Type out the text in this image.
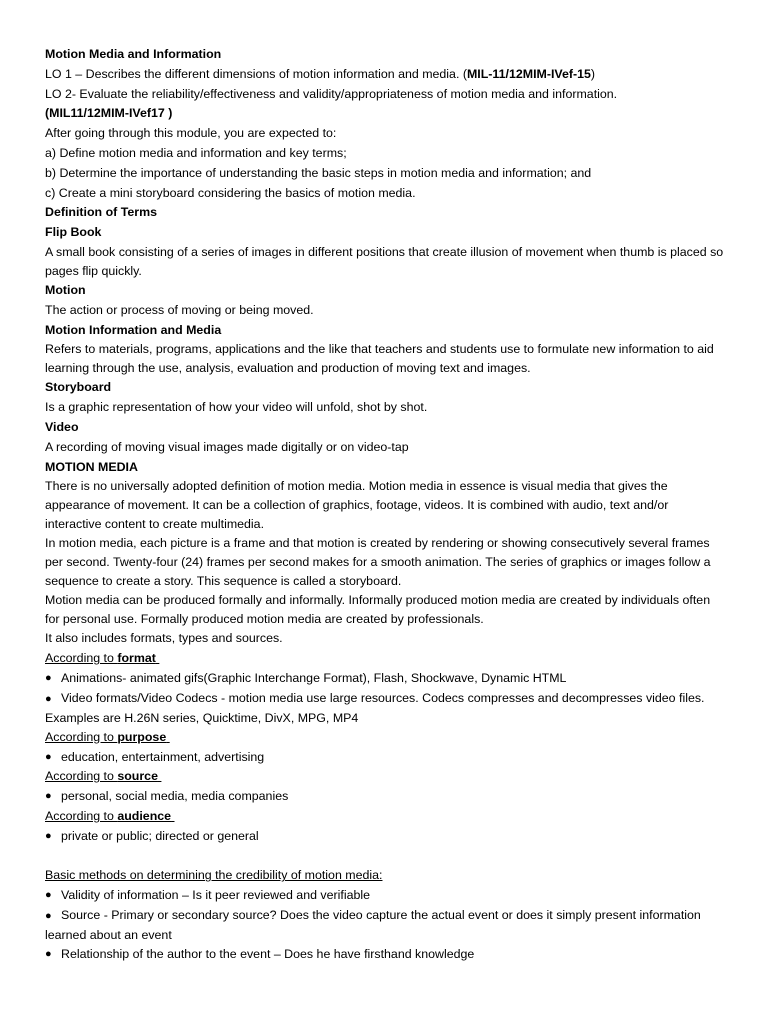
Motion Media and Information

LO 1 – Describes the different dimensions of motion information and media. (MIL-11/12MIM-IVef-15)

LO 2- Evaluate the reliability/effectiveness and validity/appropriateness of motion media and information.

(MIL11/12MIM-IVef17 )

After going through this module, you are expected to:

a) Define motion media and information and key terms;

b) Determine the importance of understanding the basic steps in motion media and information; and

c) Create a mini storyboard considering the basics of motion media.

Definition of Terms

Flip Book

A small book consisting of a series of images in different positions that create illusion of movement when thumb is placed so pages flip quickly.

Motion

The action or process of moving or being moved.

Motion Information and Media

Refers to materials, programs, applications and the like that teachers and students use to formulate new information to aid learning through the use, analysis, evaluation and production of moving text and images.

Storyboard

Is a graphic representation of how your video will unfold, shot by shot.

Video

A recording of moving visual images made digitally or on video-tap

MOTION MEDIA

There is no universally adopted definition of motion media. Motion media in essence is visual media that gives the appearance of movement. It can be a collection of graphics, footage, videos. It is combined with audio, text and/or interactive content to create multimedia.

In motion media, each picture is a frame and that motion is created by rendering or showing consecutively several frames per second. Twenty-four (24) frames per second makes for a smooth animation. The series of graphics or images follow a sequence to create a story. This sequence is called a storyboard.

Motion media can be produced formally and informally. Informally produced motion media are created by individuals often for personal use. Formally produced motion media are created by professionals.

It also includes formats, types and sources.

According to format

● Animations- animated gifs(Graphic Interchange Format), Flash, Shockwave, Dynamic HTML
● Video formats/Video Codecs - motion media use large resources. Codecs compresses and decompresses video files. Examples are H.26N series, Quicktime, DivX, MPG, MP4

According to purpose

● education, entertainment, advertising

According to source

● personal, social media, media companies

According to audience

● private or public; directed or general

Basic methods on determining the credibility of motion media:

● Validity of information – Is it peer reviewed and verifiable
● Source - Primary or secondary source? Does the video capture the actual event or does it simply present information learned about an event
● Relationship of the author to the event – Does he have firsthand knowledge
